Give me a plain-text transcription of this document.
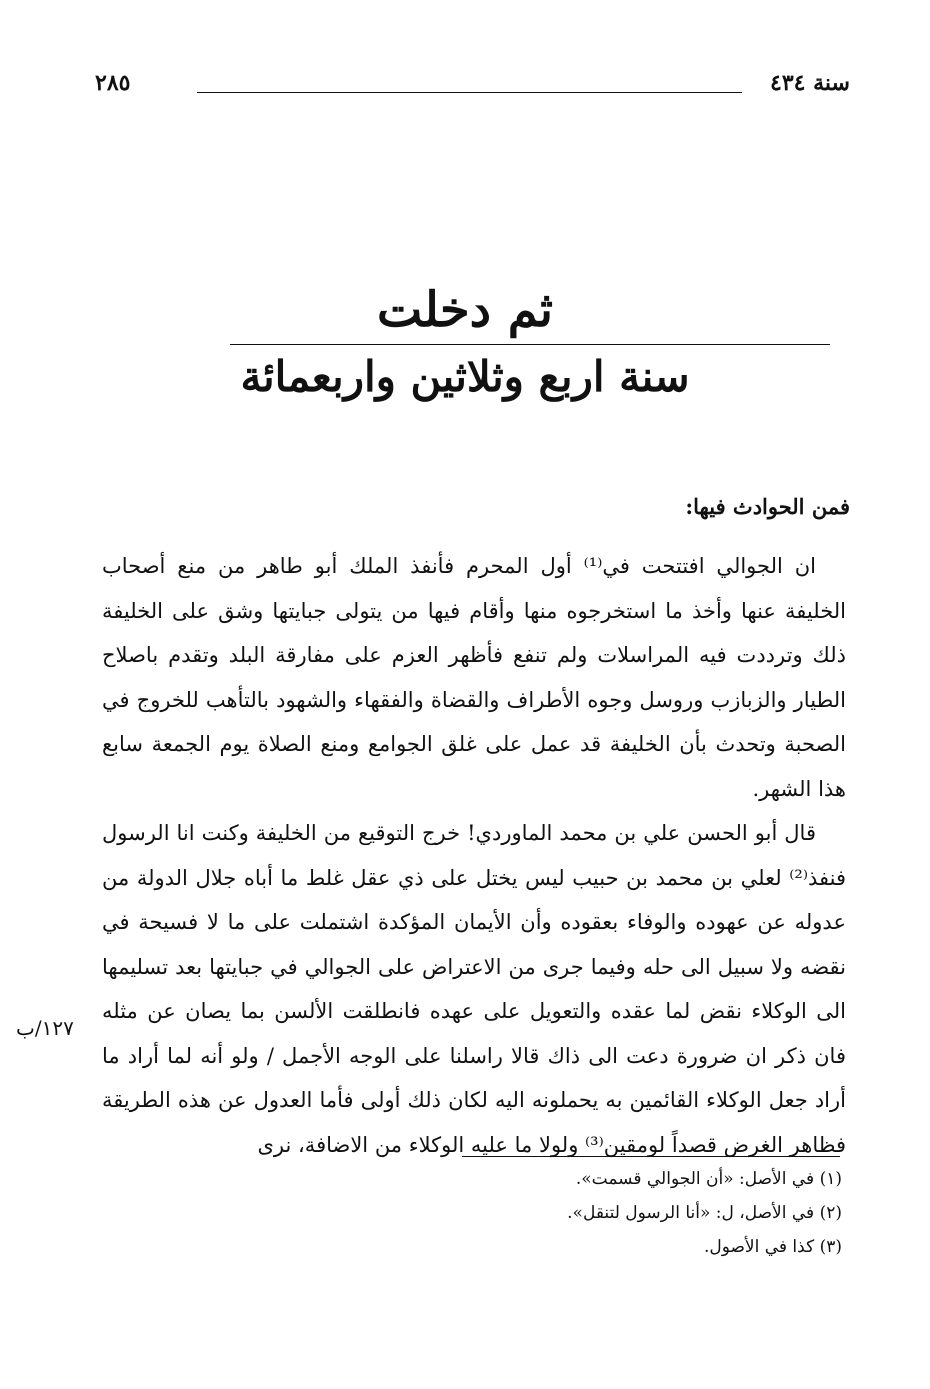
سنة ٤٣٤
٢٨٥
ثم دخلت
سنة اربع وثلاثين واربعمائة
فمن الحوادث فيها:

ان الجوالي افتتحت في⁽¹⁾ أول المحرم فأنفذ الملك أبو طاهر من منع أصحاب الخليفة عنها وأخذ ما استخرجوه منها وأقام فيها من يتولى جبايتها وشق على الخليفة ذلك وترددت فيه المراسلات ولم تنفع فأظهر العزم على مفارقة البلد وتقدم باصلاح الطيار والزبازب وروسل وجوه الأطراف والقضاة والفقهاء والشهود بالتأهب للخروج في الصحبة وتحدث بأن الخليفة قد عمل على غلق الجوامع ومنع الصلاة يوم الجمعة سابع هذا الشهر.

قال أبو الحسن علي بن محمد الماوردي! خرج التوقيع من الخليفة وكنت انا الرسول فنفذ⁽²⁾ لعلي بن محمد بن حبيب ليس يختل على ذي عقل غلط ما أباه جلال الدولة من عدوله عن عهوده والوفاء بعقوده وأن الأيمان المؤكدة اشتملت على ما لا فسيحة في نقضه ولا سبيل الى حله وفيما جرى من الاعتراض على الجوالي في جبايتها بعد تسليمها الى الوكلاء نقض لما عقده والتعويل على عهده فانطلقت الألسن بما يصان عن مثله فان ذكر ان ضرورة دعت الى ذاك قالا راسلنا على الوجه الأجمل / ولو أنه لما أراد ما أراد جعل الوكلاء القائمين به يحملونه اليه لكان ذلك أولى فأما العدول عن هذه الطريقة فظاهر الغرض قصداً لومقين⁽³⁾ ولولا ما عليه الوكلاء من الاضافة، نرى

١٢٧/ب
(١) في الأصل: «أن الجوالي قسمت».
(٢) في الأصل، ل: «أنا الرسول لتنقل».
(٣) كذا في الأصول.
